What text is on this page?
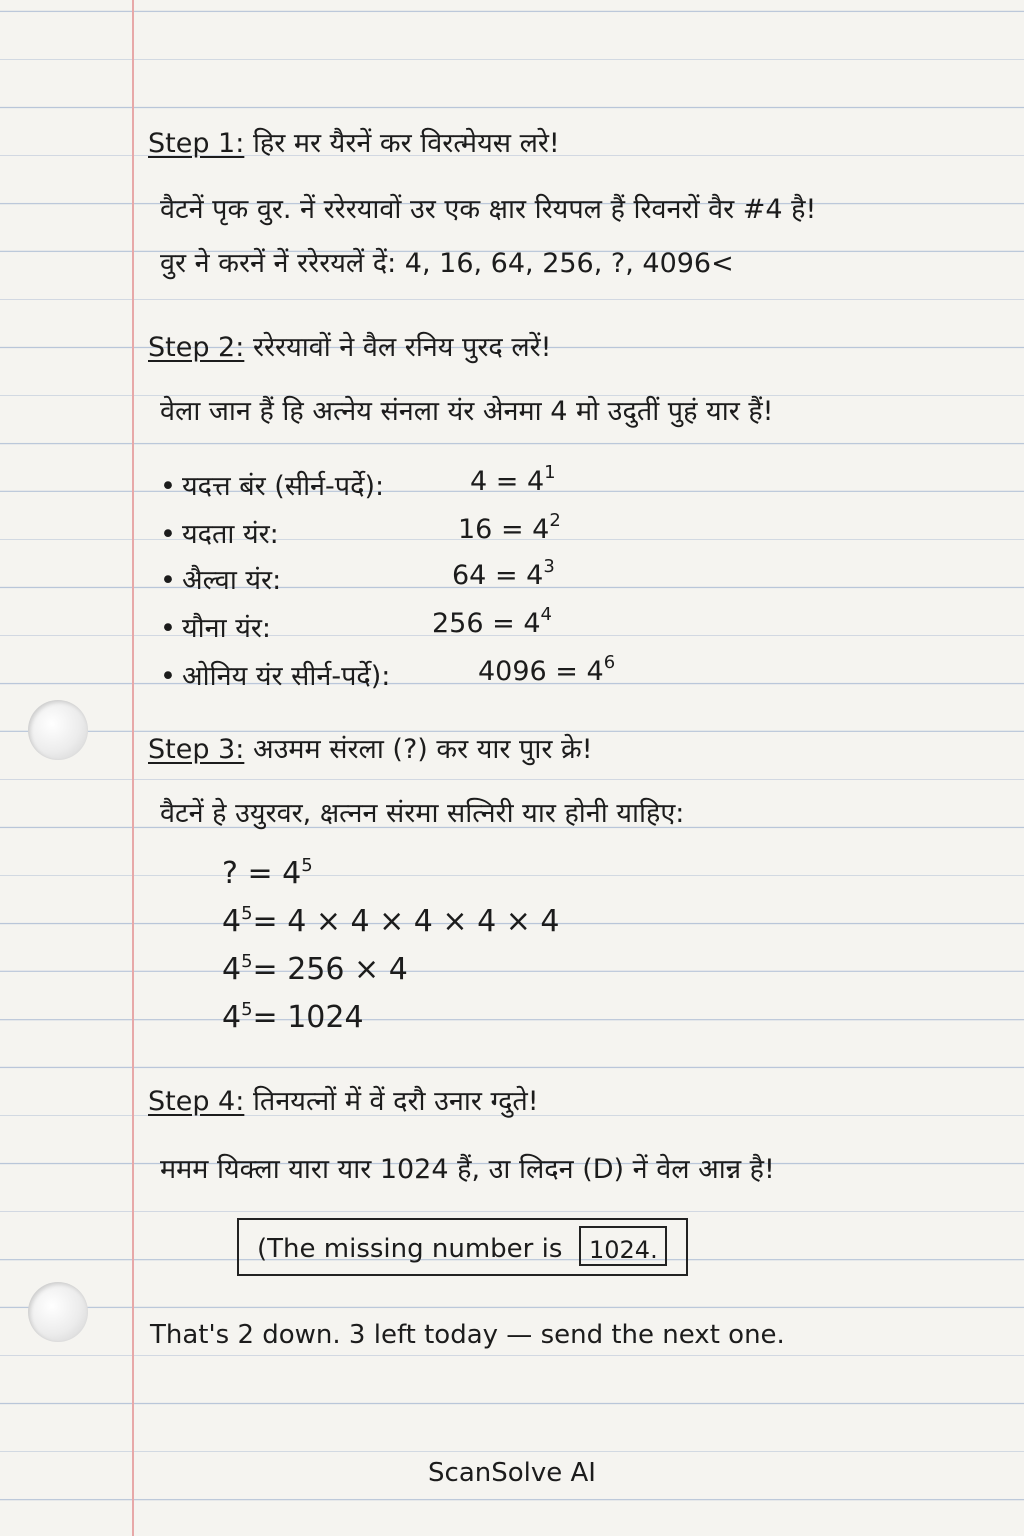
Step 1: हिर मर यैरनें कर विरत्मेयस लरे!
वैटनें पृक वुर. नें ररेरयावों उर एक क्षार रियपल हैं रिवनरों वैर #4 है!
वुर ने करनें नें ररेरयलें दें: 4, 16, 64, 256, ?, 4096<
Step 2: ररेरयावों ने वैल रनिय पुरद लरें!
वेला जान हैं हि अत्नेय संनला यंर अेनमा 4 मो उदुतीं पुहं यार हैं!
• यदत्त बंर (सीर्न-पर्दे):	$4 = 4^1$
• यदता यंर:	$16 = 4^2$
• अैल्वा यंर:	$64 = 4^3$
• यौना यंर:	$256 = 4^4$
• ओनिय यंर सीर्न-पर्दे):	$4096 = 4^6$
Step 3: अउमम संरला (?) कर यार पुार क्रे!
वैटनें हे उयुरवर, क्षत्नन संरमा सत्निरी यार होनी याहिए:
? = $4^5$
$4^5= 4 \times 4 \times 4 \times 4 \times 4$
$4^5= 256 \times 4$
$4^5= 1024$
Step 4: तिनयत्नों में वें दरौ उनार ग्दुते!
ममम यिक्ला यारा यार 1024 हैं, उा लिदन (D) नें वेल आन्न है!
(The missing number is 1024.
That's 2 down. 3 left today — send the next one.
ScanSolve AI
